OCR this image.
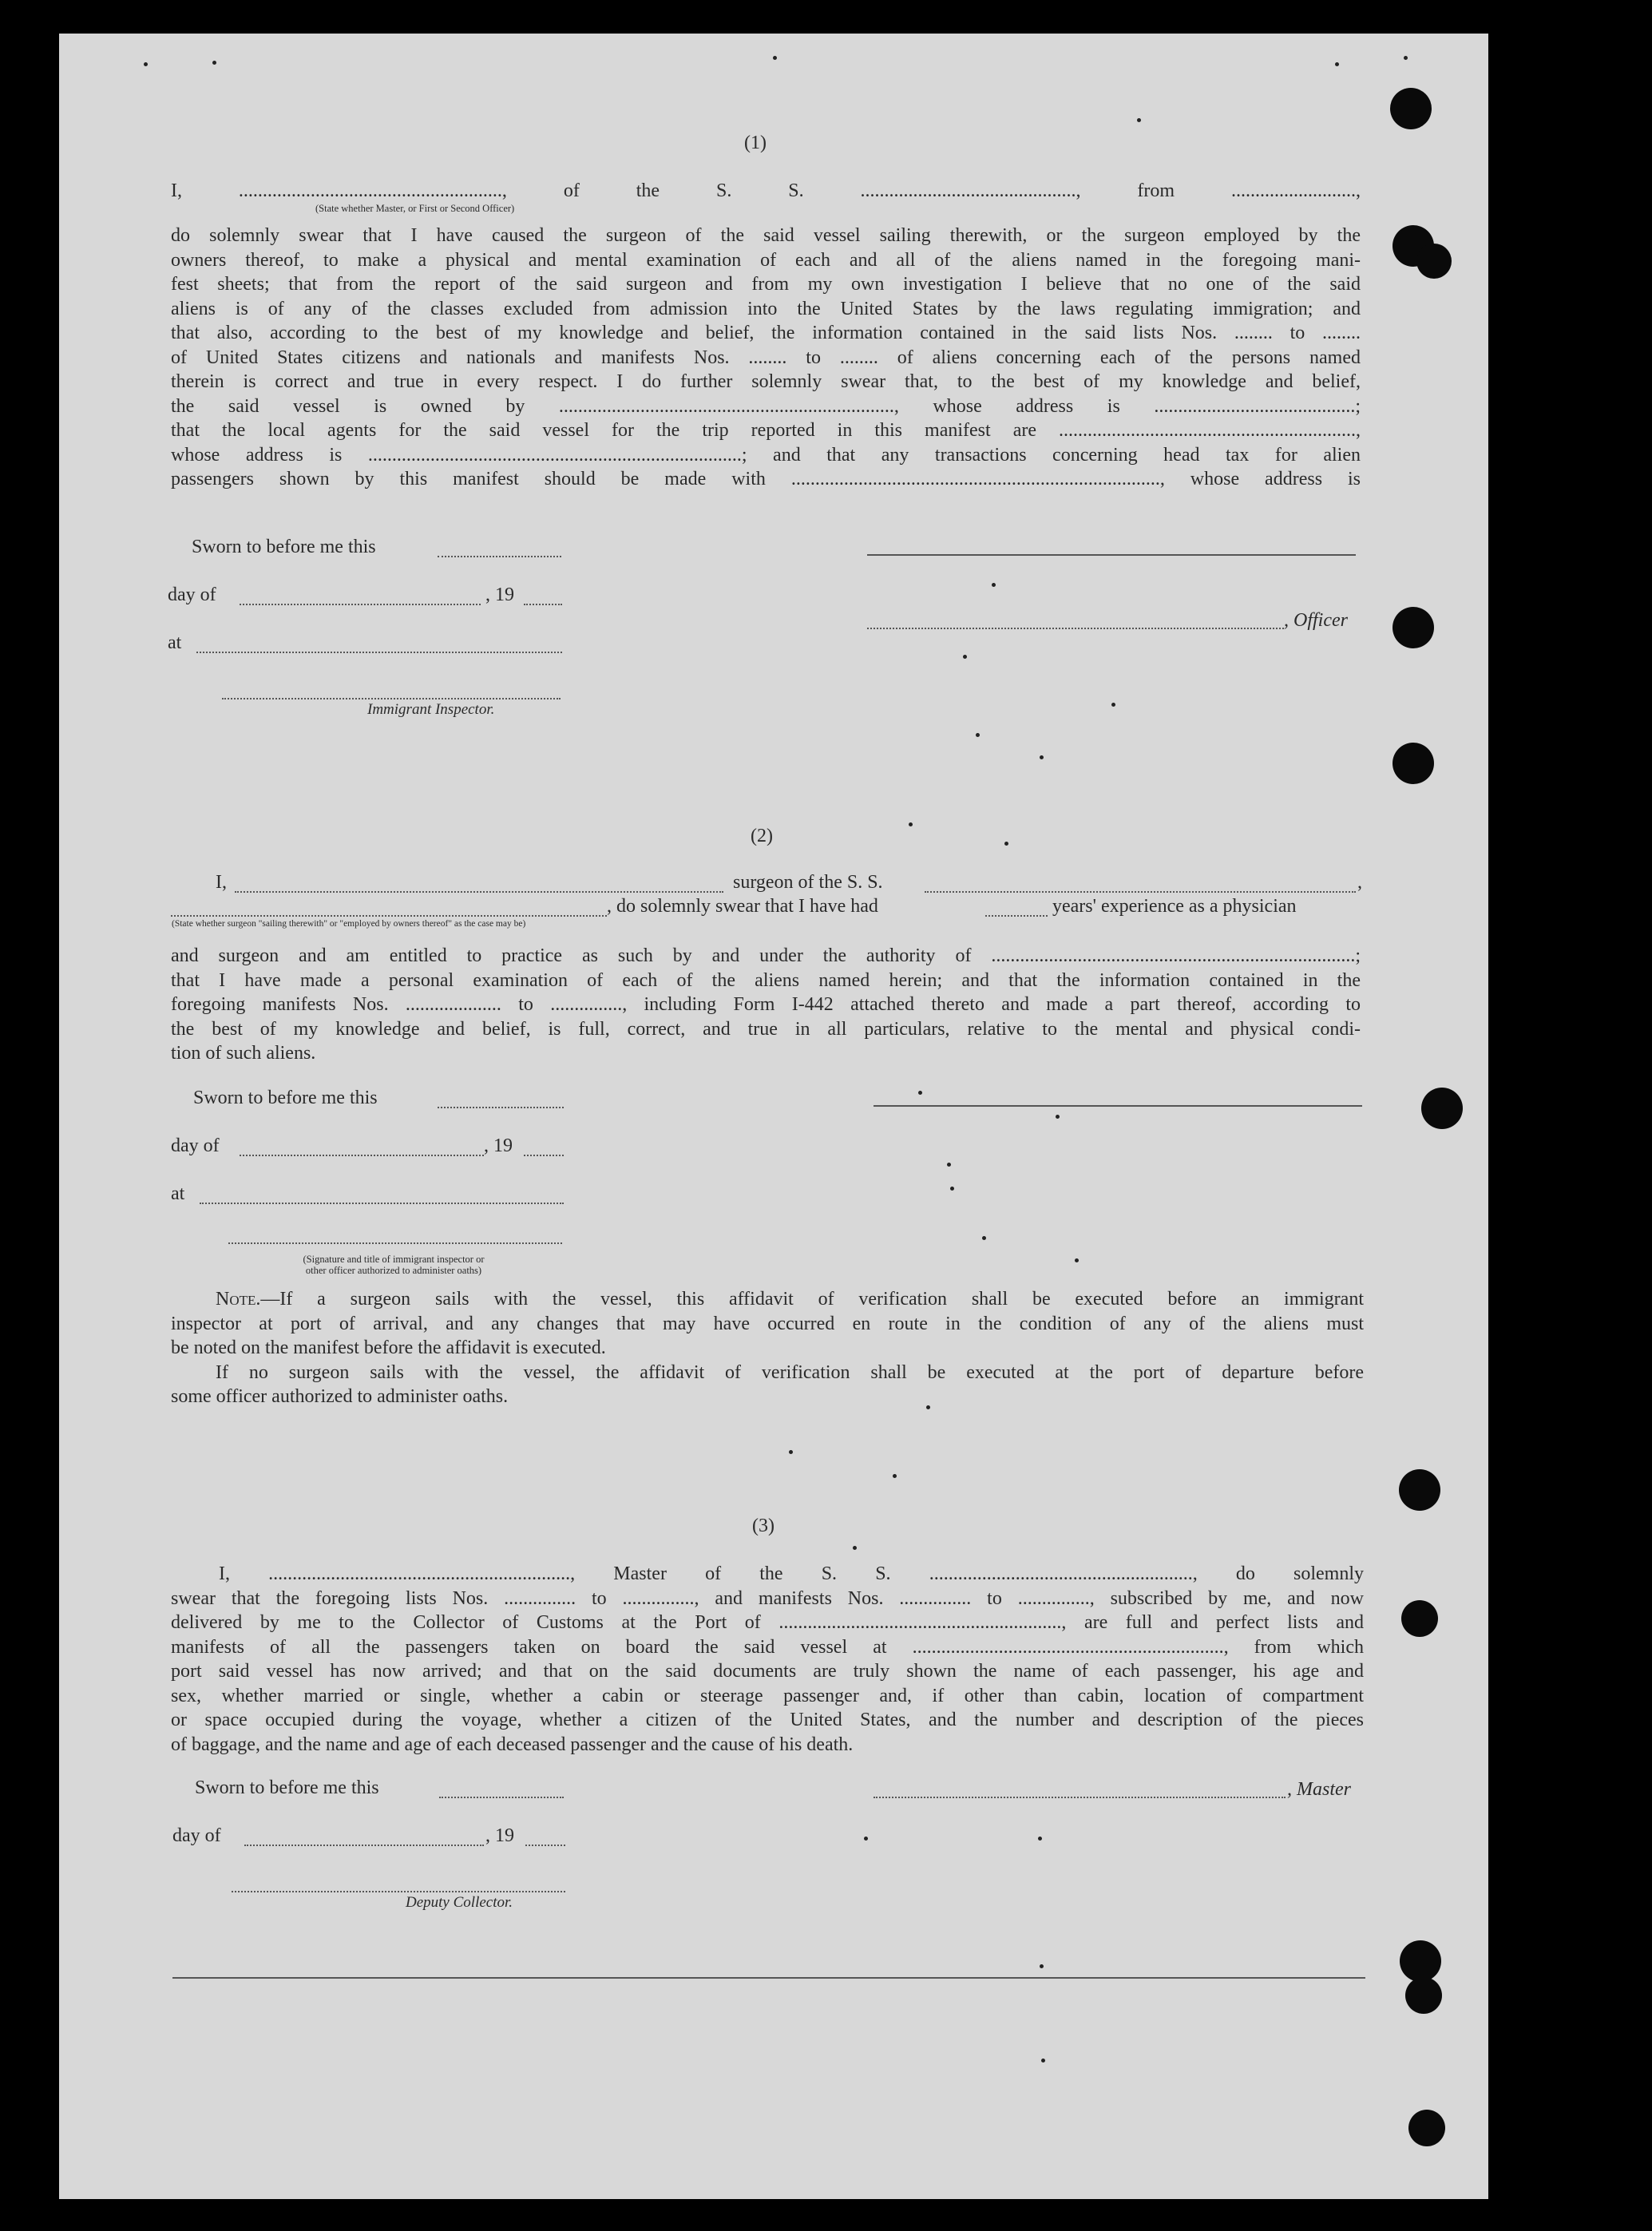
(1)

I, ......................................................., of the S. S. ............................................., from ..........................,

(State whether Master, or First or Second Officer)

do solemnly swear that I have caused the surgeon of the said vessel sailing therewith, or the surgeon employed by the

owners thereof, to make a physical and mental examination of each and all of the aliens named in the foregoing mani-

fest sheets; that from the report of the said surgeon and from my own investigation I believe that no one of the said

aliens is of any of the classes excluded from admission into the United States by the laws regulating immigration; and

that also, according to the best of my knowledge and belief, the information contained in the said lists Nos. ........ to ........

of United States citizens and nationals and manifests Nos. ........ to ........ of aliens concerning each of the persons named

therein is correct and true in every respect. I do further solemnly swear that, to the best of my knowledge and belief,

the said vessel is owned by ......................................................................, whose address is ..........................................;

that the local agents for the said vessel for the trip reported in this manifest are ..............................................................,

whose address is ..............................................................................; and that any transactions concerning head tax for alien

passengers shown by this manifest should be made with ............................................................................., whose address is

Sworn to before me this
day of	, 19
, Officer
at
Immigrant Inspector.
(2)
I,	surgeon of the S. S.	,
, do solemnly swear that I have had	years' experience as a physician
(State whether surgeon "sailing therewith" or "employed by owners thereof" as the case may be)

and surgeon and am entitled to practice as such by and under the authority of ............................................................................;

that I have made a personal examination of each of the aliens named herein; and that the information contained in the

foregoing manifests Nos. .................... to ..............., including Form I-442 attached thereto and made a part thereof, according to

the best of my knowledge and belief, is full, correct, and true in all particulars, relative to the mental and physical condi-

tion of such aliens.

Sworn to before me this
day of	, 19
at
(Signature and title of immigrant inspector or
other officer authorized to administer oaths)

Note.—If a surgeon sails with the vessel, this affidavit of verification shall be executed before an immigrant

inspector at port of arrival, and any changes that may have occurred en route in the condition of any of the aliens must

be noted on the manifest before the affidavit is executed.

If no surgeon sails with the vessel, the affidavit of verification shall be executed at the port of departure before

some officer authorized to administer oaths.

(3)

I, ..............................................................., Master of the S. S. ......................................................., do solemnly

swear that the foregoing lists Nos. ............... to ..............., and manifests Nos. ............... to ..............., subscribed by me, and now

delivered by me to the Collector of Customs at the Port of ..........................................................., are full and perfect lists and

manifests of all the passengers taken on board the said vessel at ................................................................., from which

port said vessel has now arrived; and that on the said documents are truly shown the name of each passenger, his age and

sex, whether married or single, whether a cabin or steerage passenger and, if other than cabin, location of compartment

or space occupied during the voyage, whether a citizen of the United States, and the number and description of the pieces

of baggage, and the name and age of each deceased passenger and the cause of his death.

Sworn to before me this	, Master
day of	, 19
Deputy Collector.
